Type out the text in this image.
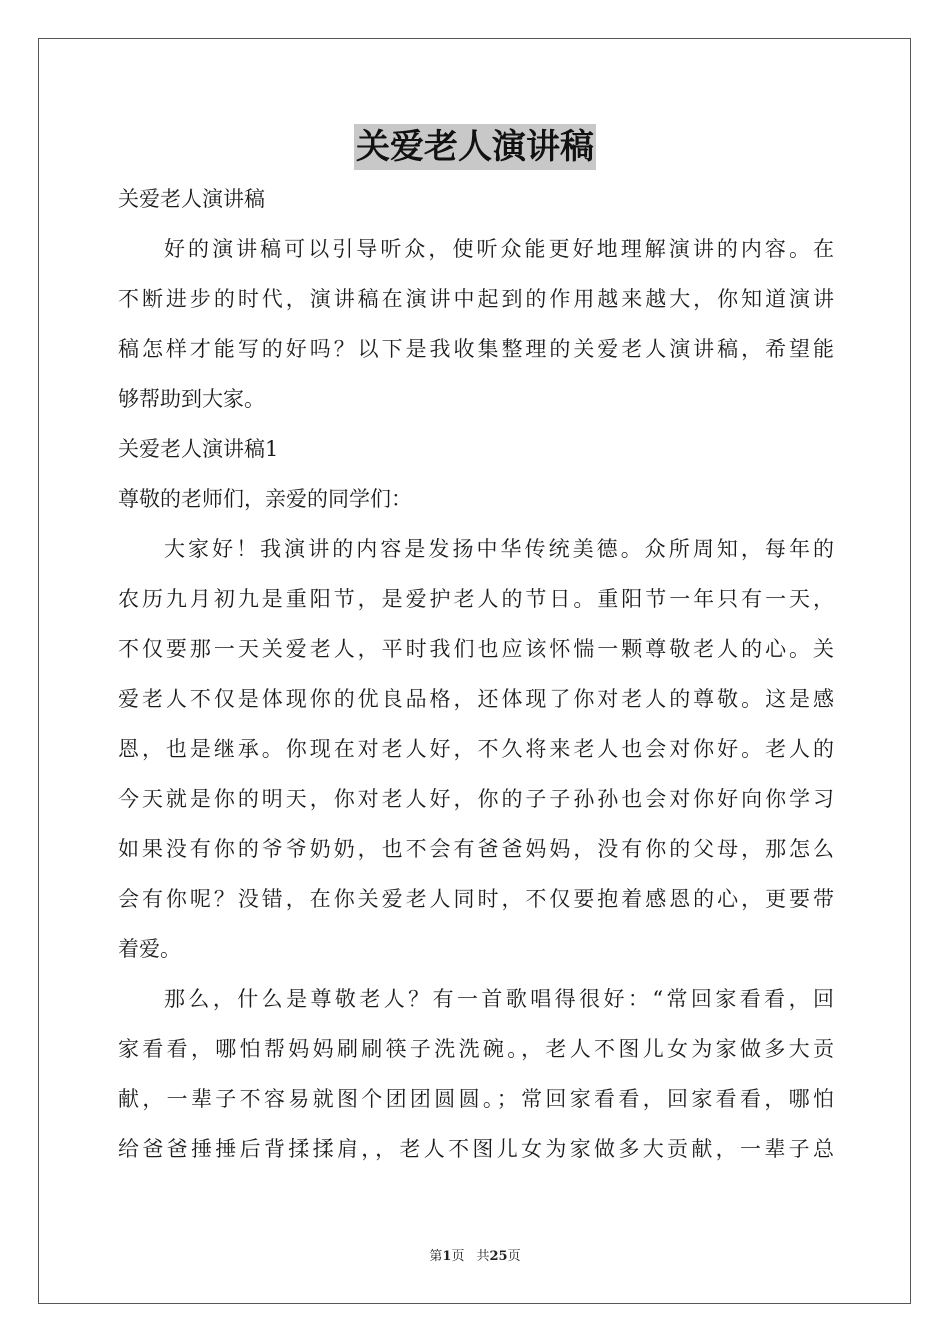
关爱老人演讲稿
关爱老人演讲稿
好的演讲稿可以引导听众，使听众能更好地理解演讲的内容。在
不断进步的时代，演讲稿在演讲中起到的作用越来越大，你知道演讲
稿怎样才能写的好吗？以下是我收集整理的关爱老人演讲稿，希望能
够帮助到大家。
关爱老人演讲稿1
尊敬的老师们，亲爱的同学们：
大家好！我演讲的内容是发扬中华传统美德。众所周知，每年的
农历九月初九是重阳节，是爱护老人的节日。重阳节一年只有一天，
不仅要那一天关爱老人，平时我们也应该怀惴一颗尊敬老人的心。关
爱老人不仅是体现你的优良品格，还体现了你对老人的尊敬。这是感
恩，也是继承。你现在对老人好，不久将来老人也会对你好。老人的
今天就是你的明天，你对老人好，你的子子孙孙也会对你好向你学习
如果没有你的爷爷奶奶，也不会有爸爸妈妈，没有你的父母，那怎么
会有你呢？没错，在你关爱老人同时，不仅要抱着感恩的心，更要带
着爱。
那么，什么是尊敬老人？有一首歌唱得很好：“常回家看看，回
家看看，哪怕帮妈妈刷刷筷子洗洗碗。，老人不图儿女为家做多大贡
献，一辈子不容易就图个团团圆圆。；常回家看看，回家看看，哪怕
给爸爸捶捶后背揉揉肩，，老人不图儿女为家做多大贡献，一辈子总
第1页 共25页
